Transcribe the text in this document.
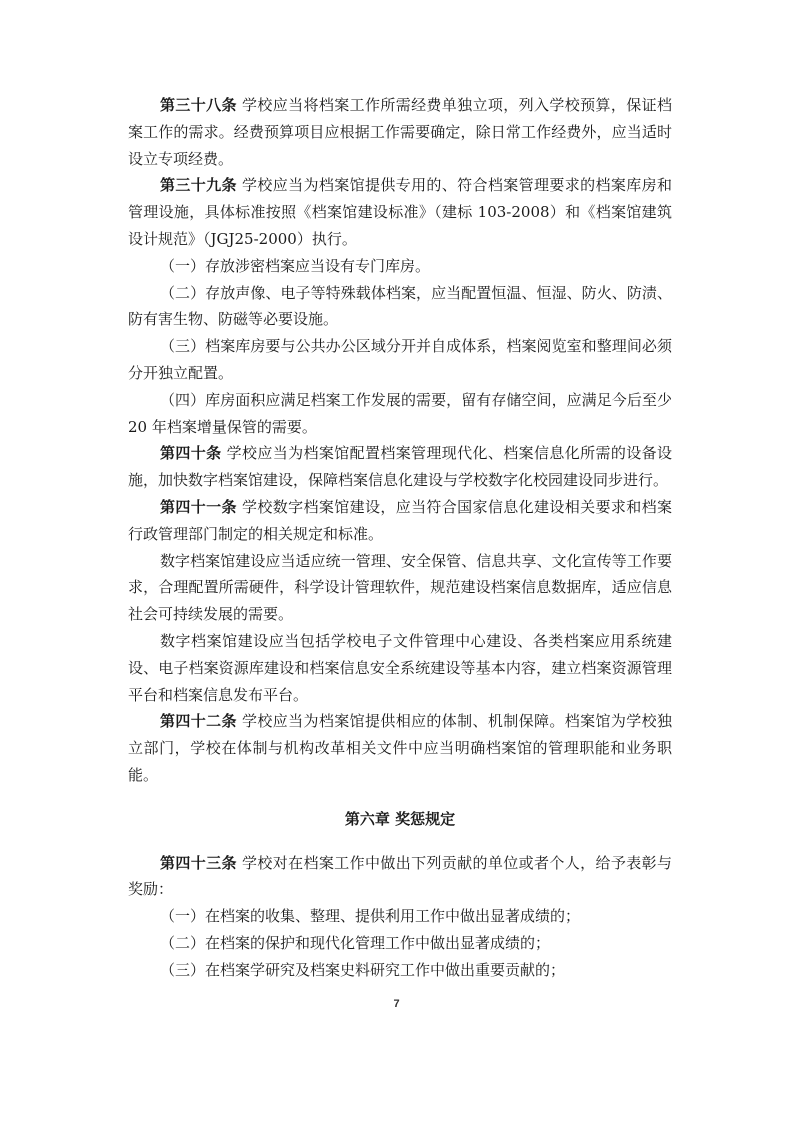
第三十八条 学校应当将档案工作所需经费单独立项，列入学校预算，保证档案工作的需求。经费预算项目应根据工作需要确定，除日常工作经费外，应当适时设立专项经费。

第三十九条 学校应当为档案馆提供专用的、符合档案管理要求的档案库房和管理设施，具体标准按照《档案馆建设标准》（建标 103-2008）和《档案馆建筑设计规范》（JGJ25-2000）执行。

（一）存放涉密档案应当设有专门库房。

（二）存放声像、电子等特殊载体档案，应当配置恒温、恒湿、防火、防渍、防有害生物、防磁等必要设施。

（三）档案库房要与公共办公区域分开并自成体系，档案阅览室和整理间必须分开独立配置。

（四）库房面积应满足档案工作发展的需要，留有存储空间，应满足今后至少 20 年档案增量保管的需要。

第四十条 学校应当为档案馆配置档案管理现代化、档案信息化所需的设备设施，加快数字档案馆建设，保障档案信息化建设与学校数字化校园建设同步进行。

第四十一条 学校数字档案馆建设，应当符合国家信息化建设相关要求和档案行政管理部门制定的相关规定和标准。

数字档案馆建设应当适应统一管理、安全保管、信息共享、文化宣传等工作要求，合理配置所需硬件，科学设计管理软件，规范建设档案信息数据库，适应信息社会可持续发展的需要。

数字档案馆建设应当包括学校电子文件管理中心建设、各类档案应用系统建设、电子档案资源库建设和档案信息安全系统建设等基本内容，建立档案资源管理平台和档案信息发布平台。

第四十二条 学校应当为档案馆提供相应的体制、机制保障。档案馆为学校独立部门，学校在体制与机构改革相关文件中应当明确档案馆的管理职能和业务职能。

第六章 奖惩规定

第四十三条 学校对在档案工作中做出下列贡献的单位或者个人，给予表彰与奖励：

（一）在档案的收集、整理、提供利用工作中做出显著成绩的；

（二）在档案的保护和现代化管理工作中做出显著成绩的；

（三）在档案学研究及档案史料研究工作中做出重要贡献的；

7
